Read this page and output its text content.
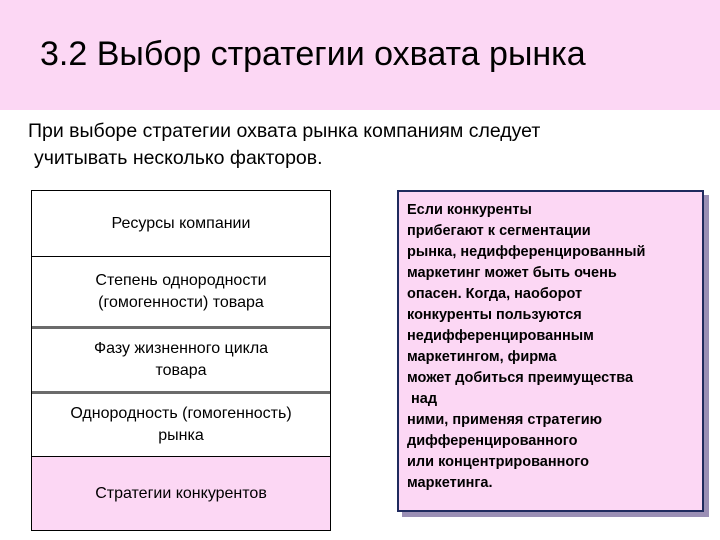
3.2 Выбор стратегии охвата рынка
При выборе стратегии охвата рынка компаниям следует
учитывать несколько факторов.
Ресурсы компании
Степень однородности
(гомогенности) товара
Фазу жизненного цикла
товара
Однородность (гомогенность)
рынка
Стратегии конкурентов
Если конкуренты
прибегают к сегментации
рынка, недифференцированный
маркетинг может быть очень
опасен. Когда, наоборот
конкуренты пользуются
недифференцированным
маркетингом, фирма
может добиться преимущества
над
ними, применяя стратегию
дифференцированного
или концентрированного
маркетинга.
